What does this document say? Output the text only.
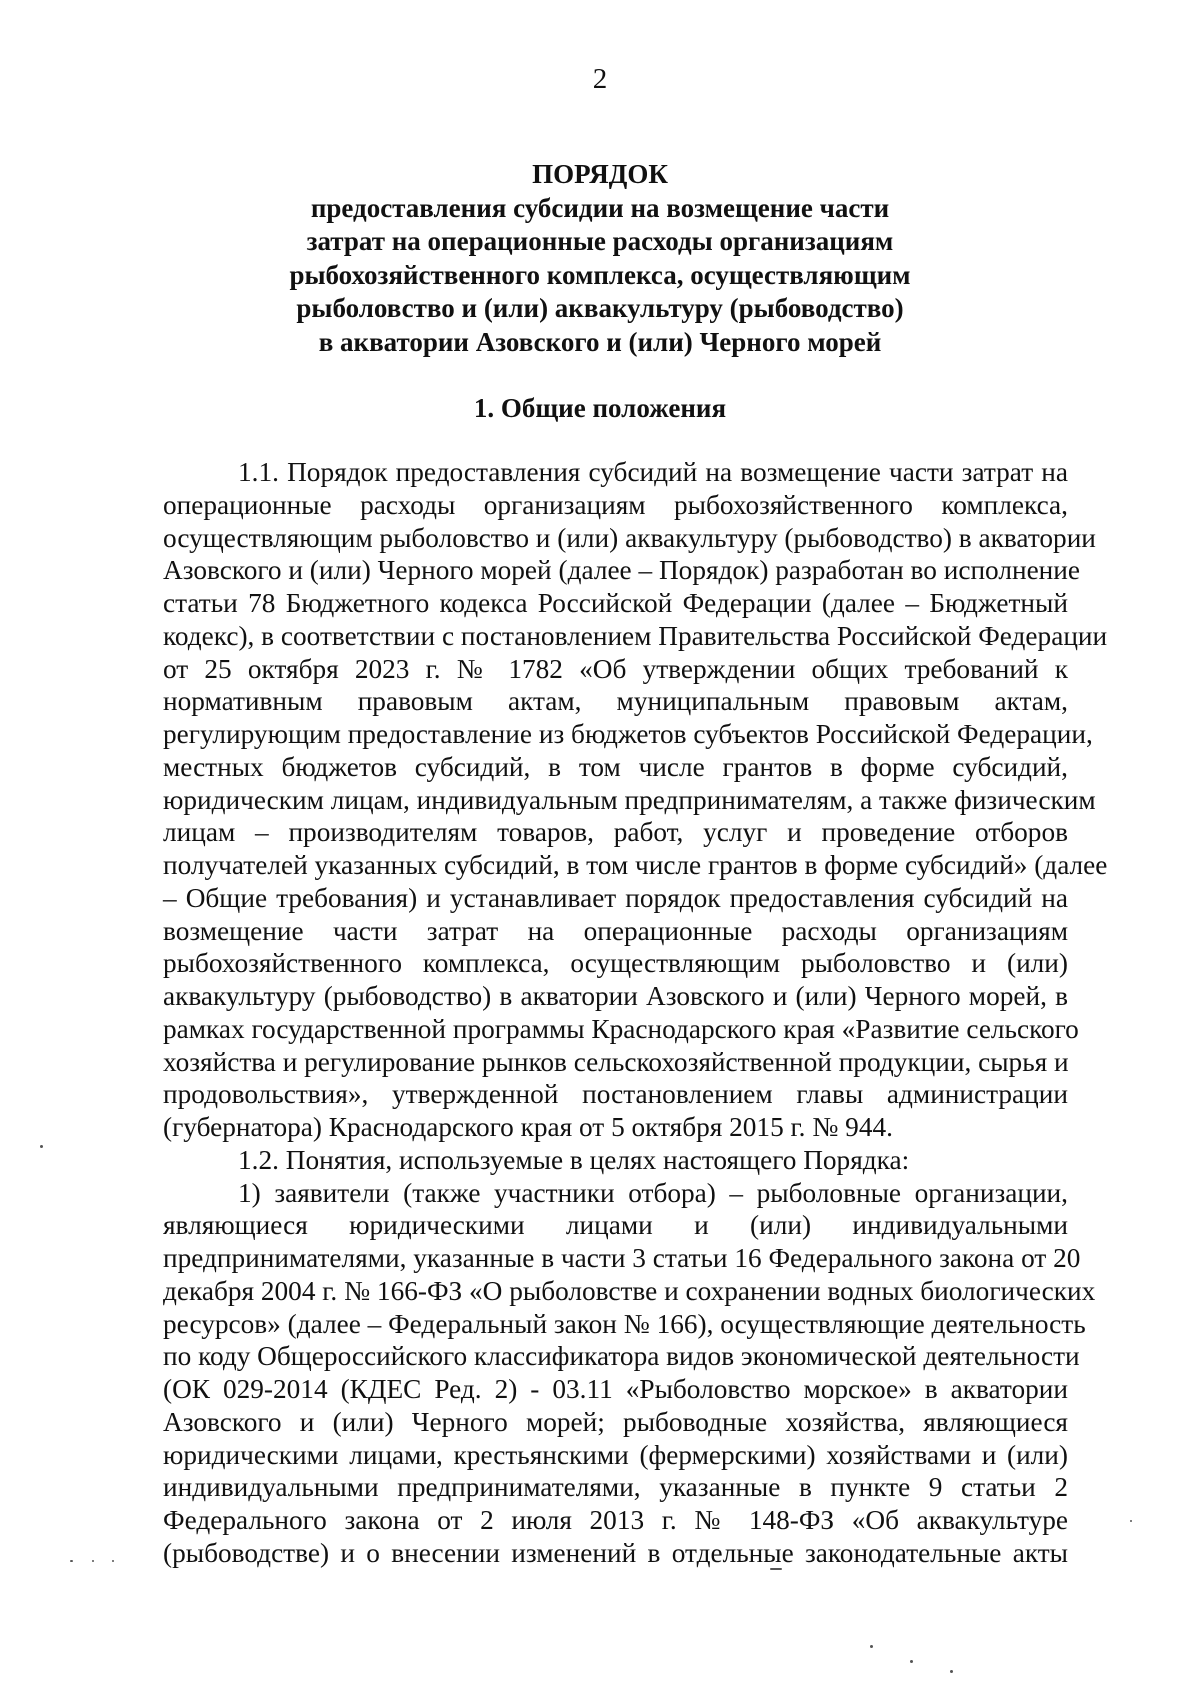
2
ПОРЯДОК
предоставления субсидии на возмещение части
затрат на операционные расходы организациям
рыбохозяйственного комплекса, осуществляющим
рыболовство и (или) аквакультуру (рыбоводство)
в акватории Азовского и (или) Черного морей
1. Общие положения
1.1. Порядок предоставления субсидий на возмещение части затрат на
операционные расходы организациям рыбохозяйственного комплекса,
осуществляющим рыболовство и (или) аквакультуру (рыбоводство) в акватории
Азовского и (или) Черного морей (далее – Порядок) разработан во исполнение
статьи 78 Бюджетного кодекса Российской Федерации (далее – Бюджетный
кодекс), в соответствии с постановлением Правительства Российской Федерации
от 25 октября 2023 г. № 1782 «Об утверждении общих требований к
нормативным правовым актам, муниципальным правовым актам,
регулирующим предоставление из бюджетов субъектов Российской Федерации,
местных бюджетов субсидий, в том числе грантов в форме субсидий,
юридическим лицам, индивидуальным предпринимателям, а также физическим
лицам – производителям товаров, работ, услуг и проведение отборов
получателей указанных субсидий, в том числе грантов в форме субсидий» (далее
– Общие требования) и устанавливает порядок предоставления субсидий на
возмещение части затрат на операционные расходы организациям
рыбохозяйственного комплекса, осуществляющим рыболовство и (или)
аквакультуру (рыбоводство) в акватории Азовского и (или) Черного морей, в
рамках государственной программы Краснодарского края «Развитие сельского
хозяйства и регулирование рынков сельскохозяйственной продукции, сырья и
продовольствия», утвержденной постановлением главы администрации
(губернатора) Краснодарского края от 5 октября 2015 г. № 944.
1.2. Понятия, используемые в целях настоящего Порядка:
1) заявители (также участники отбора) – рыболовные организации,
являющиеся юридическими лицами и (или) индивидуальными
предпринимателями, указанные в части 3 статьи 16 Федерального закона от 20
декабря 2004 г. № 166-ФЗ «О рыболовстве и сохранении водных биологических
ресурсов» (далее – Федеральный закон № 166), осуществляющие деятельность
по коду Общероссийского классификатора видов экономической деятельности
(ОК 029-2014 (КДЕС Ред. 2) - 03.11 «Рыболовство морское» в акватории
Азовского и (или) Черного морей; рыбоводные хозяйства, являющиеся
юридическими лицами, крестьянскими (фермерскими) хозяйствами и (или)
индивидуальными предпринимателями, указанные в пункте 9 статьи 2
Федерального закона от 2 июля 2013 г. № 148-ФЗ «Об аквакультуре
(рыбоводстве) и о внесении изменений в отдельные законодательные акты
